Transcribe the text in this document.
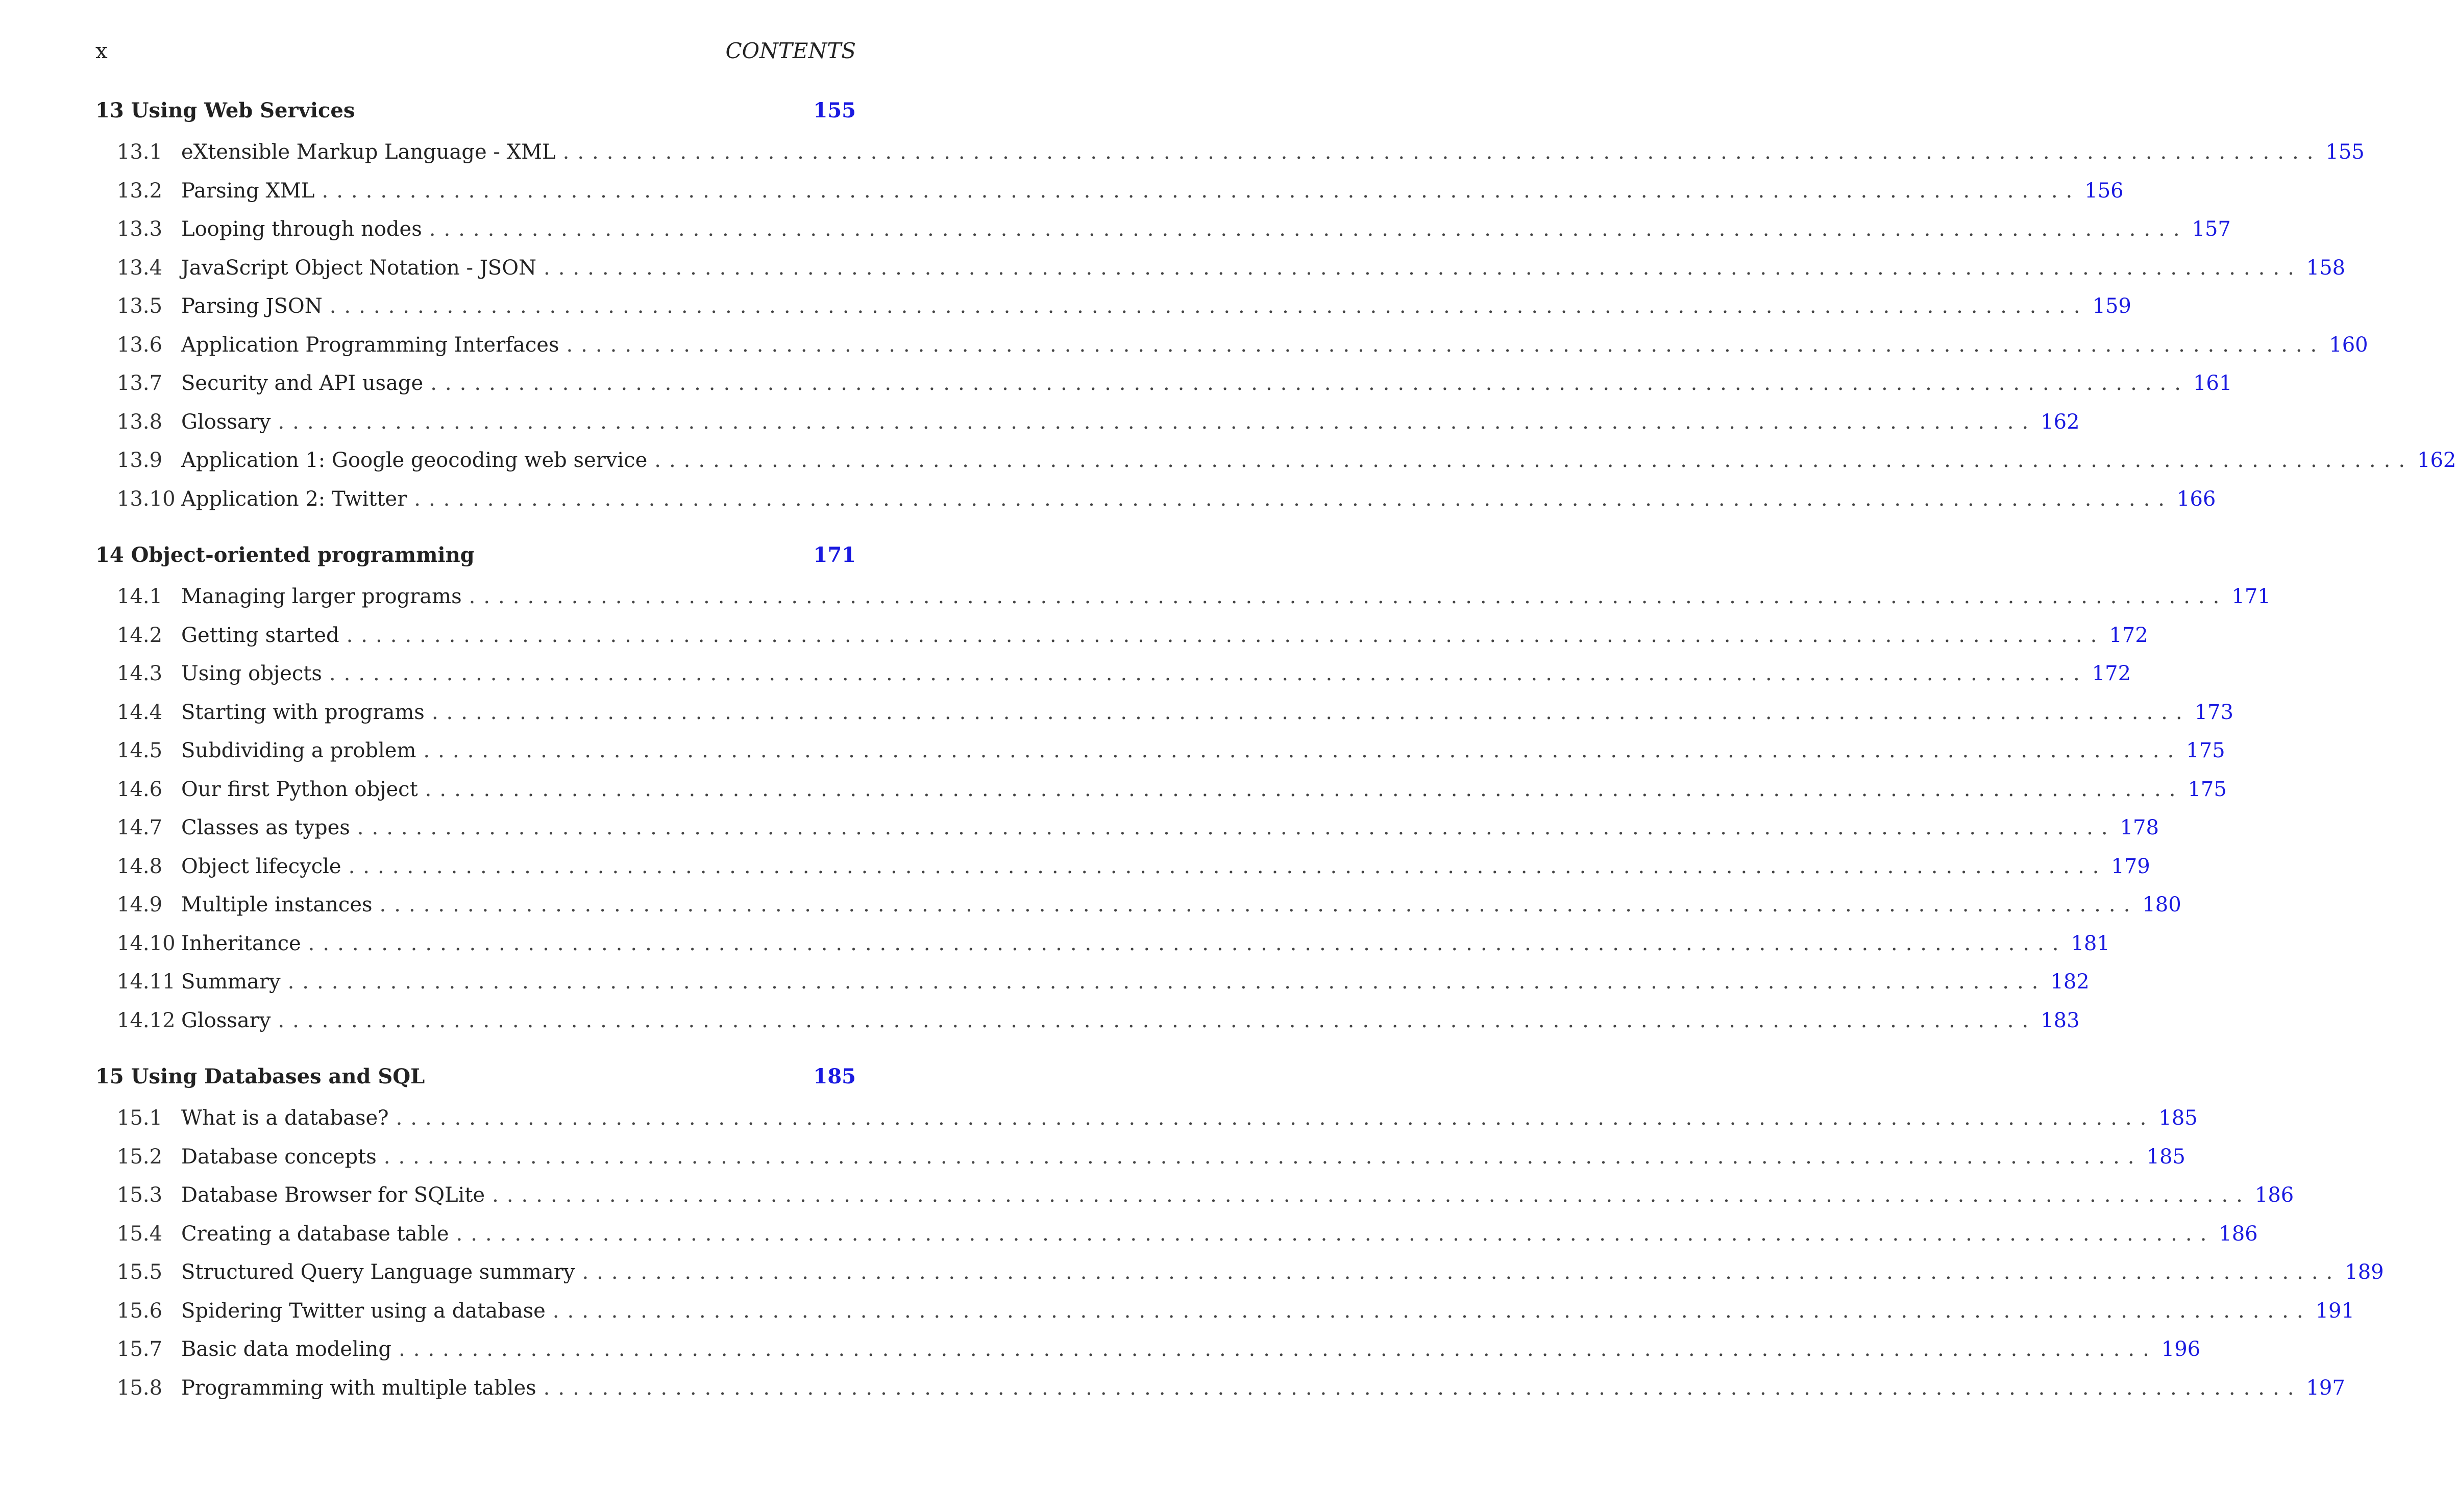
x	CONTENTS
13 Using Web Services	155
13.1 eXtensible Markup Language - XML ........................................................................................................................ 155
13.2 Parsing XML ........................................................................................................................ 156
13.3 Looping through nodes ........................................................................................................................ 157
13.4 JavaScript Object Notation - JSON ........................................................................................................................ 158
13.5 Parsing JSON ........................................................................................................................ 159
13.6 Application Programming Interfaces ........................................................................................................................ 160
13.7 Security and API usage ........................................................................................................................ 161
13.8 Glossary ........................................................................................................................ 162
13.9 Application 1: Google geocoding web service ........................................................................................................................ 162
13.10 Application 2: Twitter ........................................................................................................................ 166
14 Object-oriented programming	171
14.1 Managing larger programs ........................................................................................................................ 171
14.2 Getting started ........................................................................................................................ 172
14.3 Using objects ........................................................................................................................ 172
14.4 Starting with programs ........................................................................................................................ 173
14.5 Subdividing a problem ........................................................................................................................ 175
14.6 Our first Python object ........................................................................................................................ 175
14.7 Classes as types ........................................................................................................................ 178
14.8 Object lifecycle ........................................................................................................................ 179
14.9 Multiple instances ........................................................................................................................ 180
14.10 Inheritance ........................................................................................................................ 181
14.11 Summary ........................................................................................................................ 182
14.12 Glossary ........................................................................................................................ 183
15 Using Databases and SQL	185
15.1 What is a database? ........................................................................................................................ 185
15.2 Database concepts ........................................................................................................................ 185
15.3 Database Browser for SQLite ........................................................................................................................ 186
15.4 Creating a database table ........................................................................................................................ 186
15.5 Structured Query Language summary ........................................................................................................................ 189
15.6 Spidering Twitter using a database ........................................................................................................................ 191
15.7 Basic data modeling ........................................................................................................................ 196
15.8 Programming with multiple tables ........................................................................................................................ 197
